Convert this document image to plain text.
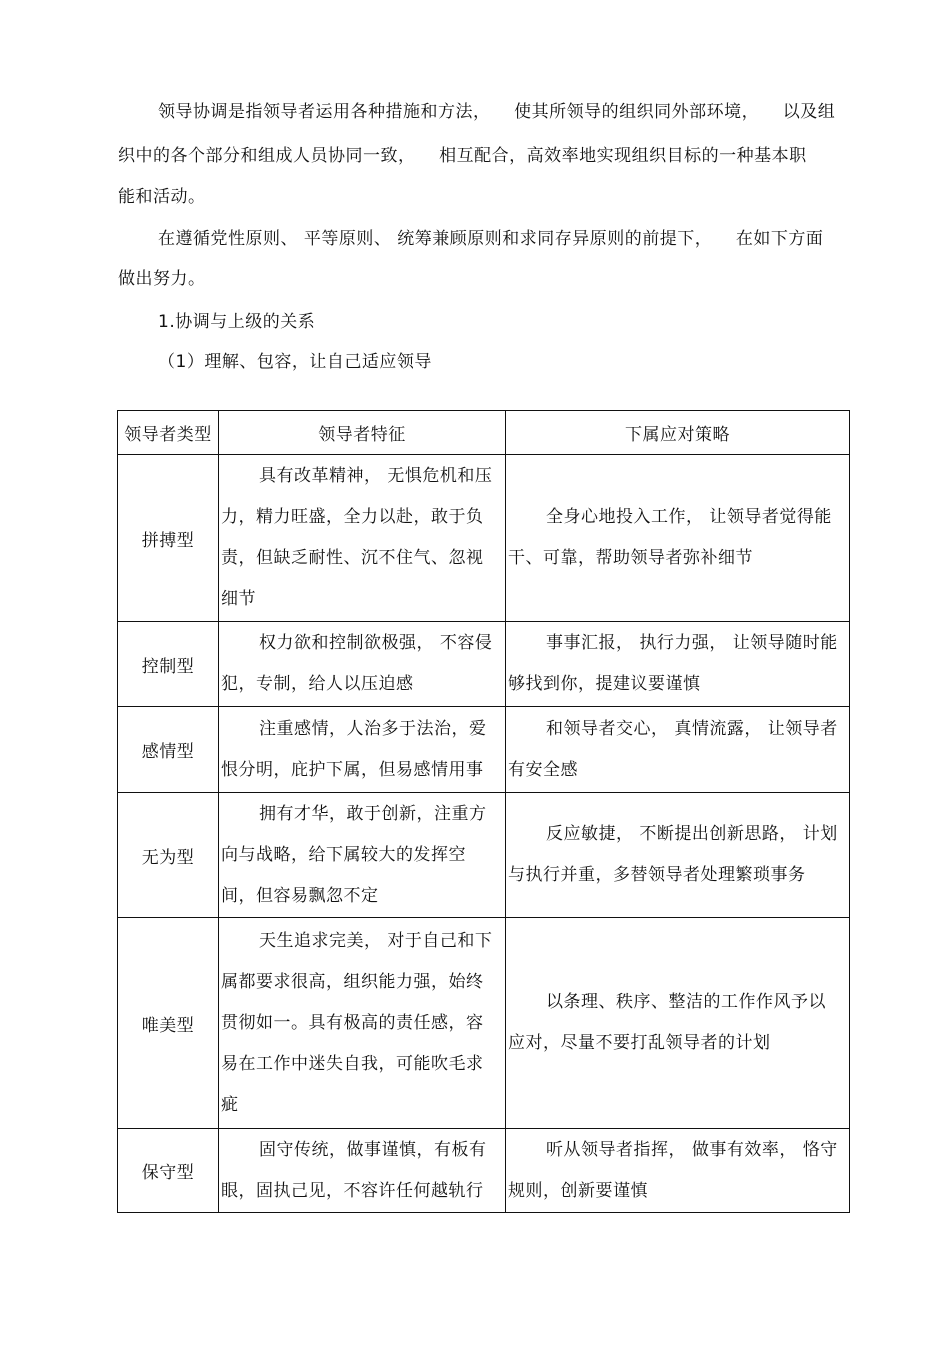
领导协调是指领导者运用各种措施和方法，    使其所领导的组织同外部环境，    以及组
织中的各个部分和组成人员协同一致，    相互配合，高效率地实现组织目标的一种基本职
能和活动。
在遵循党性原则、 平等原则、 统筹兼顾原则和求同存异原则的前提下，    在如下方面
做出努力。
1.协调与上级的关系
（1）理解、包容，让自己适应领导
领导者类型	领导者特征	下属应对策略
拼搏型	具有改革精神， 无惧危机和压
力，精力旺盛，全力以赴，敢于负
责，但缺乏耐性、沉不住气、忽视
细节	全身心地投入工作， 让领导者觉得能
干、可靠，帮助领导者弥补细节

控制型	权力欲和控制欲极强， 不容侵
犯，专制，给人以压迫感	事事汇报， 执行力强， 让领导随时能
够找到你，提建议要谨慎

感情型	注重感情，人治多于法治，爱
恨分明，庇护下属，但易感情用事	和领导者交心， 真情流露， 让领导者
有安全感

无为型	拥有才华，敢于创新，注重方
向与战略，给下属较大的发挥空
间，但容易飘忽不定	反应敏捷， 不断提出创新思路， 计划
与执行并重，多替领导者处理繁琐事务

唯美型	天生追求完美， 对于自己和下
属都要求很高，组织能力强，始终
贯彻如一。具有极高的责任感，容
易在工作中迷失自我，可能吹毛求
疵	以条理、秩序、整洁的工作作风予以
应对，尽量不要打乱领导者的计划

保守型	固守传统，做事谨慎，有板有
眼，固执己见，不容许任何越轨行	听从领导者指挥， 做事有效率， 恪守
规则，创新要谨慎
